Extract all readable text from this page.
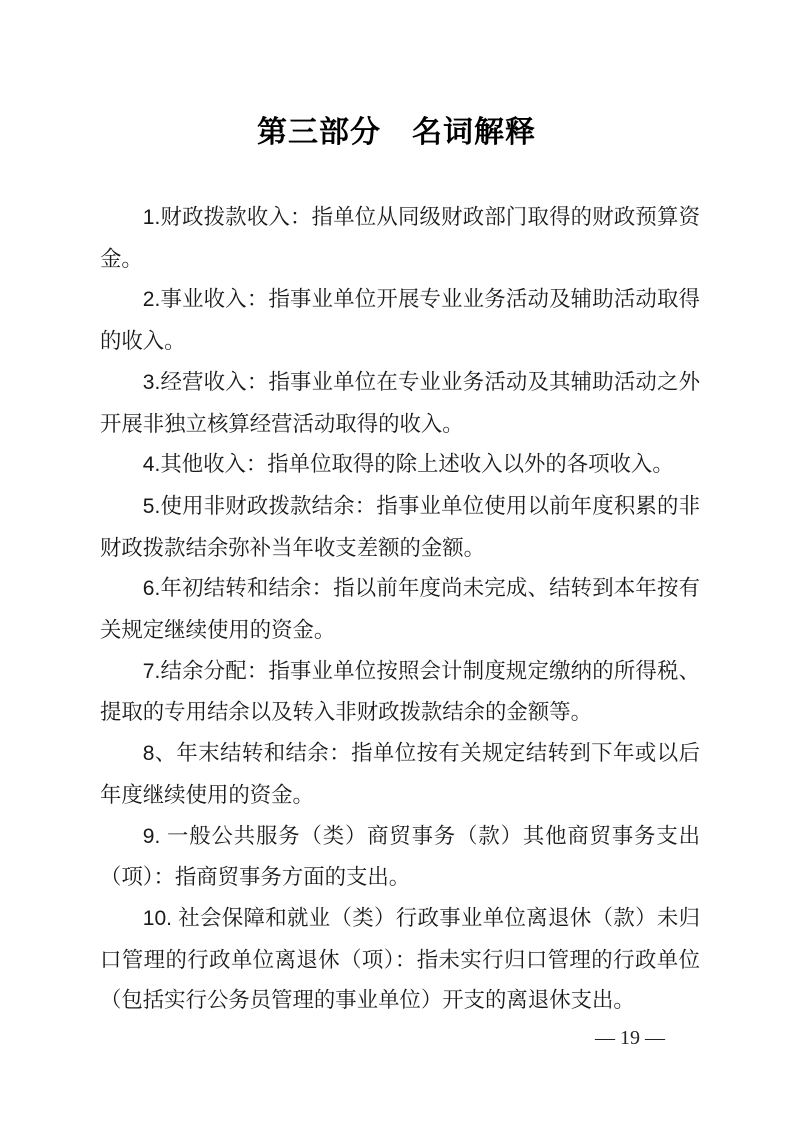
第三部分　名词解释

1.财政拨款收入：指单位从同级财政部门取得的财政预算资金。

2.事业收入：指事业单位开展专业业务活动及辅助活动取得的收入。

3.经营收入：指事业单位在专业业务活动及其辅助活动之外开展非独立核算经营活动取得的收入。

4.其他收入：指单位取得的除上述收入以外的各项收入。

5.使用非财政拨款结余：指事业单位使用以前年度积累的非财政拨款结余弥补当年收支差额的金额。

6.年初结转和结余：指以前年度尚未完成、结转到本年按有关规定继续使用的资金。

7.结余分配：指事业单位按照会计制度规定缴纳的所得税、提取的专用结余以及转入非财政拨款结余的金额等。

8、年末结转和结余：指单位按有关规定结转到下年或以后年度继续使用的资金。

9. 一般公共服务（类）商贸事务（款）其他商贸事务支出（项）：指商贸事务方面的支出。

10. 社会保障和就业（类）行政事业单位离退休（款）未归口管理的行政单位离退休（项）：指未实行归口管理的行政单位（包括实行公务员管理的事业单位）开支的离退休支出。

— 19 —
